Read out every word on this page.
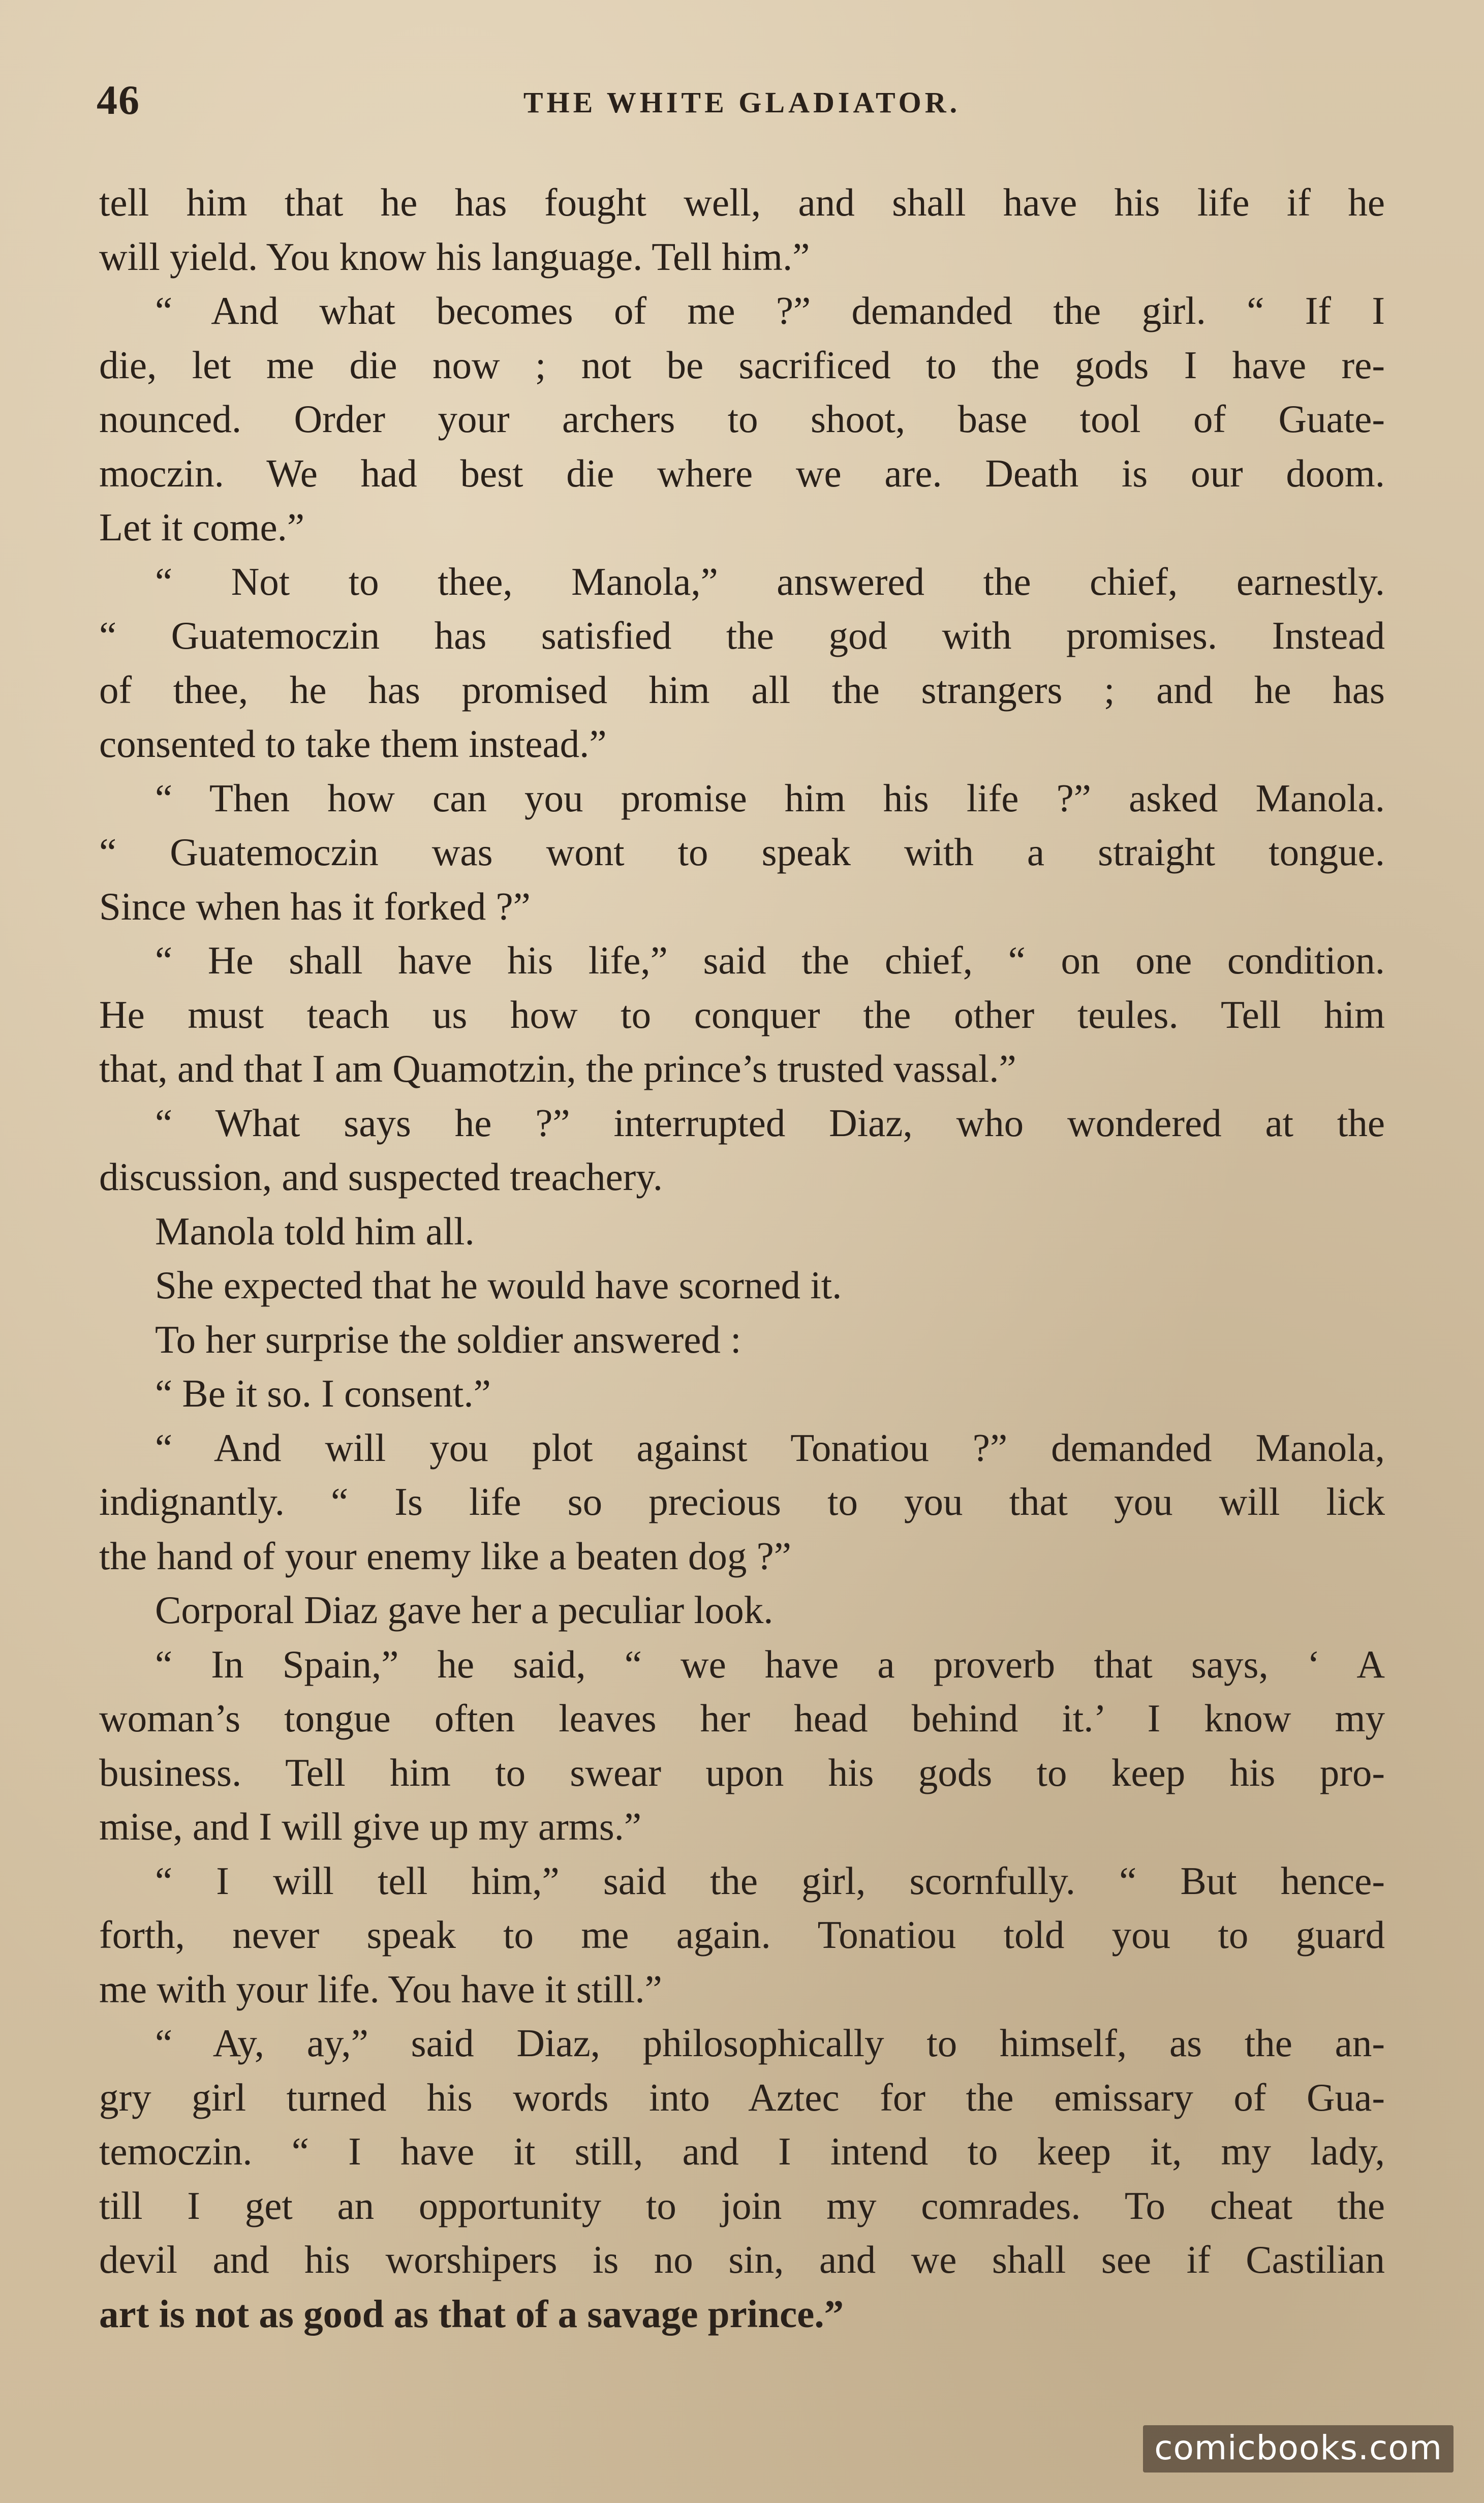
46	THE WHITE GLADIATOR.
tell him that he has fought well, and shall have his life if he
will yield. You know his language. Tell him.”
“ And what becomes of me ?” demanded the girl. “ If I
die, let me die now ; not be sacrificed to the gods I have re-
nounced. Order your archers to shoot, base tool of Guate-
moczin. We had best die where we are. Death is our doom.
Let it come.”
“ Not to thee, Manola,” answered the chief, earnestly.
“ Guatemoczin has satisfied the god with promises. Instead
of thee, he has promised him all the strangers ; and he has
consented to take them instead.”
“ Then how can you promise him his life ?” asked Manola.
“ Guatemoczin was wont to speak with a straight tongue.
Since when has it forked ?”
“ He shall have his life,” said the chief, “ on one condition.
He must teach us how to conquer the other teules. Tell him
that, and that I am Quamotzin, the prince’s trusted vassal.”
“ What says he ?” interrupted Diaz, who wondered at the
discussion, and suspected treachery.
Manola told him all.
She expected that he would have scorned it.
To her surprise the soldier answered :
“ Be it so. I consent.”
“ And will you plot against Tonatiou ?” demanded Manola,
indignantly. “ Is life so precious to you that you will lick
the hand of your enemy like a beaten dog ?”
Corporal Diaz gave her a peculiar look.
“ In Spain,” he said, “ we have a proverb that says, ‘ A
woman’s tongue often leaves her head behind it.’ I know my
business. Tell him to swear upon his gods to keep his pro-
mise, and I will give up my arms.”
“ I will tell him,” said the girl, scornfully. “ But hence-
forth, never speak to me again. Tonatiou told you to guard
me with your life. You have it still.”
“ Ay, ay,” said Diaz, philosophically to himself, as the an-
gry girl turned his words into Aztec for the emissary of Gua-
temoczin. “ I have it still, and I intend to keep it, my lady,
till I get an opportunity to join my comrades. To cheat the
devil and his worshipers is no sin, and we shall see if Castilian
art is not as good as that of a savage prince.”
comicbooks.com
